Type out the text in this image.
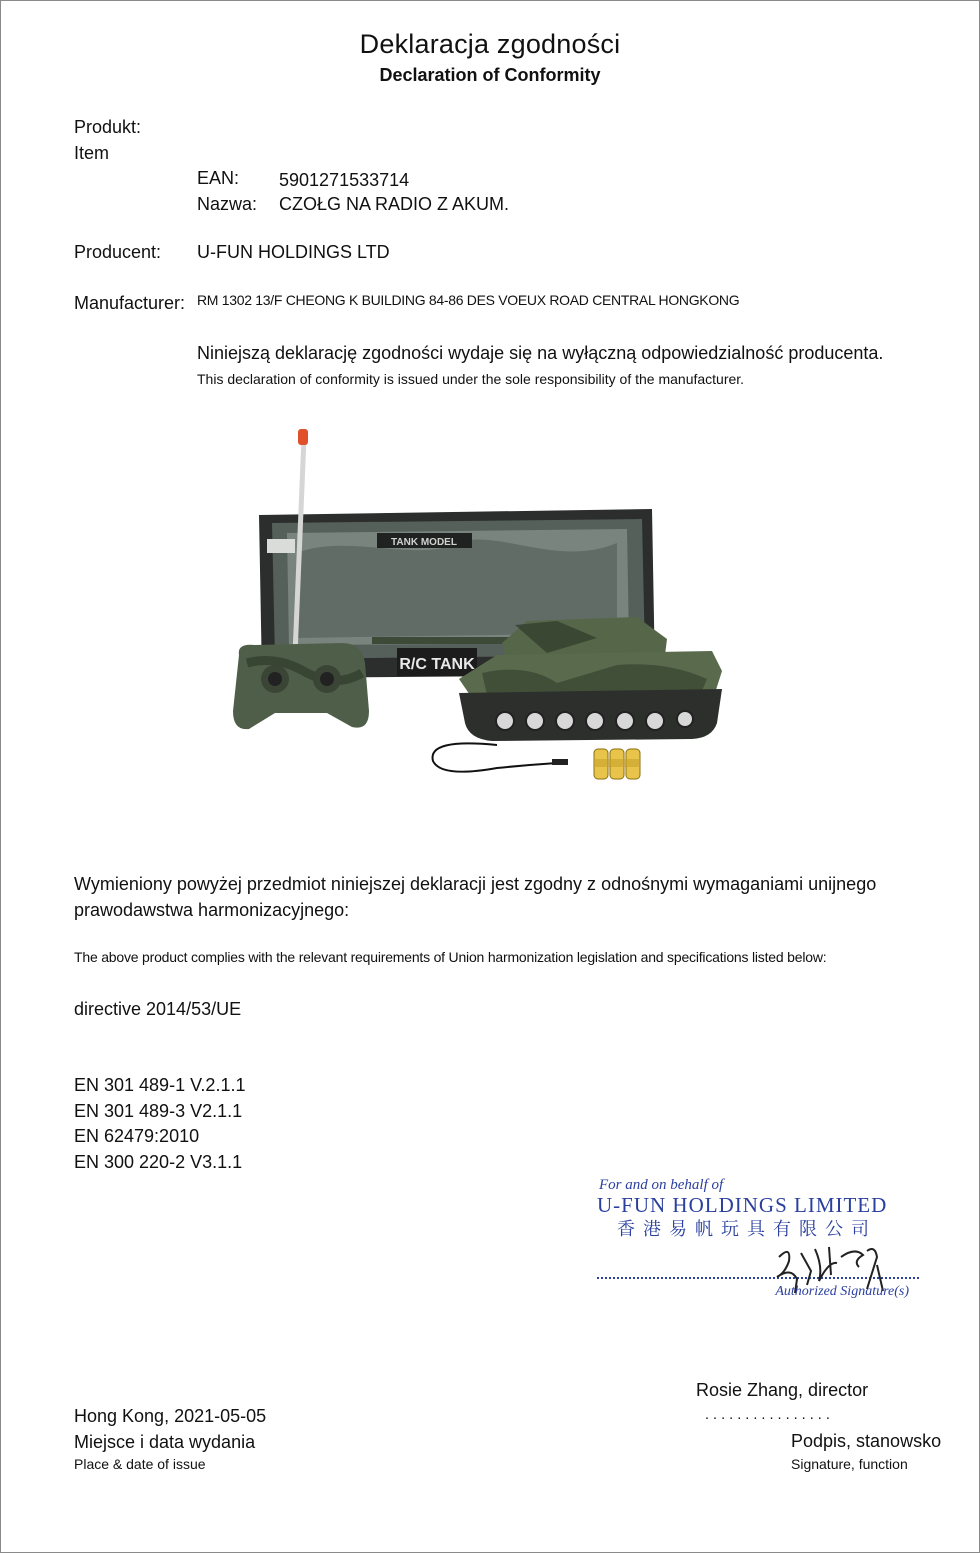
Deklaracja zgodności
Declaration of Conformity
Produkt:
Item
EAN: 5901271533714
Nazwa: CZOŁG NA RADIO Z AKUM.
Producent: U-FUN HOLDINGS LTD
Manufacturer: RM 1302 13/F CHEONG K BUILDING 84-86 DES VOEUX ROAD CENTRAL HONGKONG
Niniejszą deklarację zgodności wydaje się na wyłączną odpowiedzialność producenta.
This declaration of conformity is issued under the sole responsibility of the manufacturer.
TANK MODEL
R/C TANK
Wymieniony powyżej przedmiot niniejszej deklaracji jest zgodny z odnośnymi wymaganiami unijnego
prawodawstwa harmonizacyjnego:
The above product complies with the relevant requirements of Union harmonization legislation and specifications listed below:
directive 2014/53/UE
EN 301 489-1 V.2.1.1
EN 301 489-3 V2.1.1
EN 62479:2010
EN 300 220-2 V3.1.1
For and on behalf of
U-FUN HOLDINGS LIMITED
香港易帆玩具有限公司
Authorized Signature(s)
Rosie Zhang, director
Hong Kong, 2021-05-05	. . . . . . . . . . . . . . . .
Miejsce i data wydania	Podpis, stanowsko
Place & date of issue	Signature, function
